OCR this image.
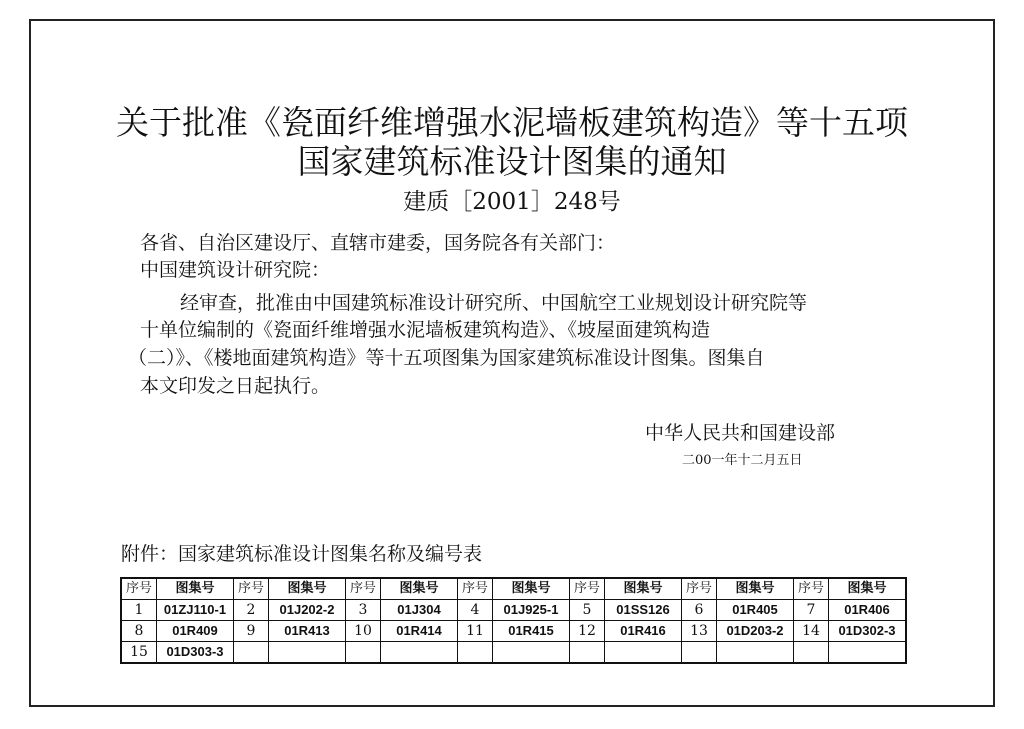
关于批准《瓷面纤维增强水泥墙板建筑构造》等十五项
国家建筑标准设计图集的通知
建质［2001］248号
各省、自治区建设厅、直辖市建委，国务院各有关部门：
中国建筑设计研究院：
经审查，批准由中国建筑标准设计研究所、中国航空工业规划设计研究院等
十单位编制的《瓷面纤维增强水泥墙板建筑构造》、《坡屋面建筑构造
（二）》、《楼地面建筑构造》等十五项图集为国家建筑标准设计图集。图集自
本文印发之日起执行。
中华人民共和国建设部
二00一年十二月五日
附件：国家建筑标准设计图集名称及编号表
序号	图集号	序号	图集号	序号	图集号	序号	图集号	序号	图集号	序号	图集号	序号	图集号
1	01ZJ110-1	2	01J202-2	3	01J304	4	01J925-1	5	01SS126	6	01R405	7	01R406
8	01R409	9	01R413	10	01R414	11	01R415	12	01R416	13	01D203-2	14	01D302-3
15	01D303-3												
